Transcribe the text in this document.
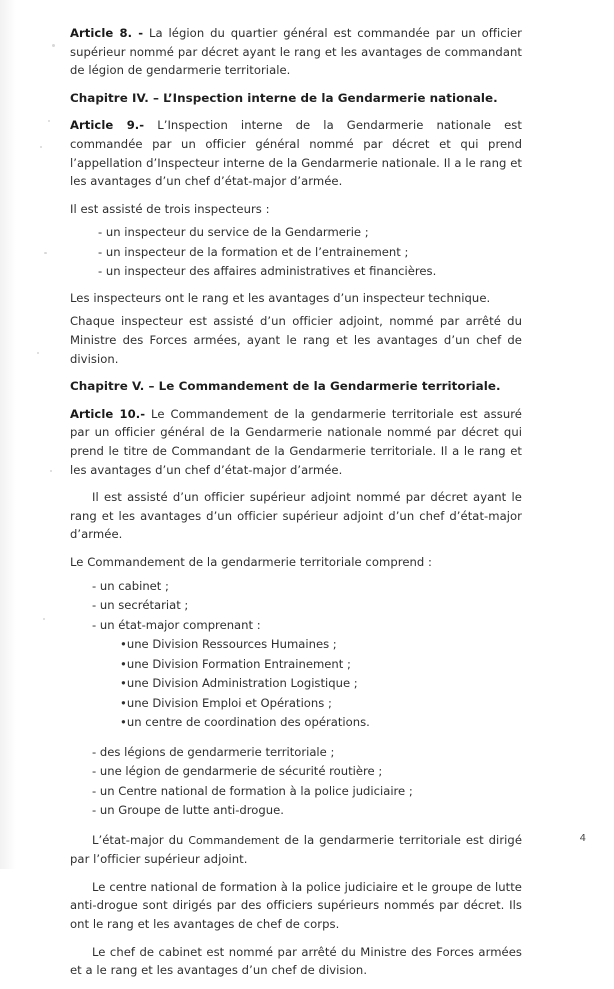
Article 8. - La légion du quartier général est commandée par un officier supérieur nommé par décret ayant le rang et les avantages de commandant de légion de gendarmerie territoriale.

Chapitre IV. – L’Inspection interne de la Gendarmerie nationale.

Article 9.- L’Inspection interne de la Gendarmerie nationale est commandée par un officier général nommé par décret et qui prend l’appellation d’Inspecteur interne de la Gendarmerie nationale. Il a le rang et les avantages d’un chef d’état-major d’armée.

Il est assisté de trois inspecteurs :

- un inspecteur du service de la Gendarmerie ;
- un inspecteur de la formation et de l’entrainement ;
- un inspecteur des affaires administratives et financières.

Les inspecteurs ont le rang et les avantages d’un inspecteur technique.

Chaque inspecteur est assisté d’un officier adjoint, nommé par arrêté du Ministre des Forces armées, ayant le rang et les avantages d’un chef de division.

Chapitre V. – Le Commandement de la Gendarmerie territoriale.

Article 10.- Le Commandement de la gendarmerie territoriale est assuré par un officier général de la Gendarmerie nationale nommé par décret qui prend le titre de Commandant de la Gendarmerie territoriale. Il a le rang et les avantages d’un chef d’état-major d’armée.

Il est assisté d’un officier supérieur adjoint nommé par décret ayant le rang et les avantages d’un officier supérieur adjoint d’un chef d’état-major d’armée.

Le Commandement de la gendarmerie territoriale comprend :

- un cabinet ;
- un secrétariat ;
- un état-major comprenant :
• une Division Ressources Humaines ;
• une Division Formation Entrainement ;
• une Division Administration Logistique ;
• une Division Emploi et Opérations ;
• un centre de coordination des opérations.
- des légions de gendarmerie territoriale ;
- une légion de gendarmerie de sécurité routière ;
- un Centre national de formation à la police judiciaire ;
- un Groupe de lutte anti-drogue.

L’état-major du Commandement de la gendarmerie territoriale est dirigé par l’officier supérieur adjoint.

Le centre national de formation à la police judiciaire et le groupe de lutte anti-drogue sont dirigés par des officiers supérieurs nommés par décret. Ils ont le rang et les avantages de chef de corps.

Le chef de cabinet est nommé par arrêté du Ministre des Forces armées et a le rang et les avantages d’un chef de division.

4
